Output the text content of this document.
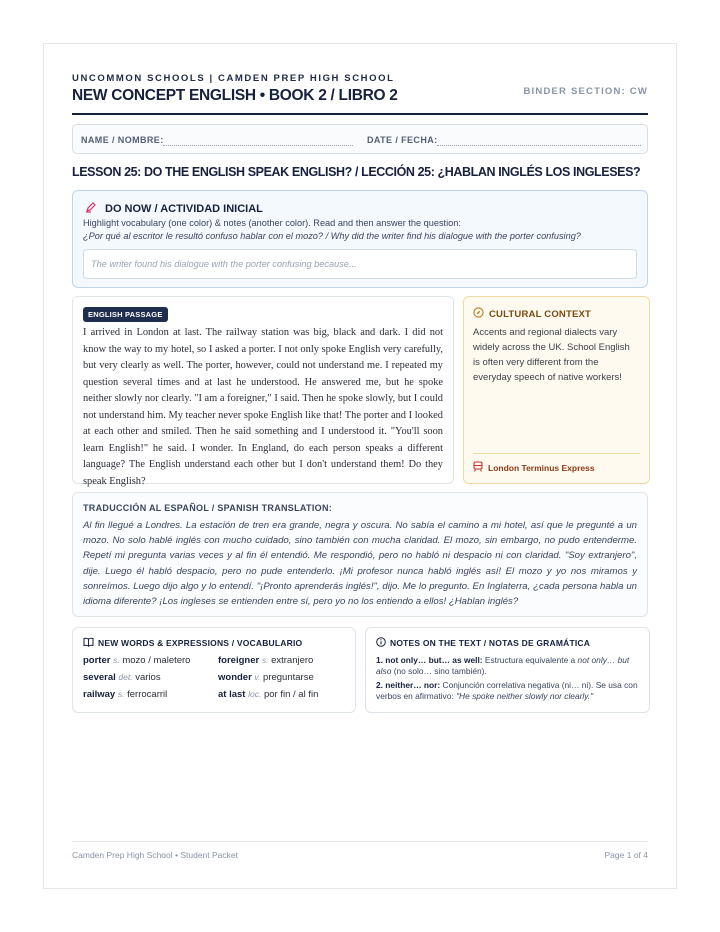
UNCOMMON SCHOOLS | CAMDEN PREP HIGH SCHOOL
NEW CONCEPT ENGLISH • BOOK 2 / LIBRO 2	BINDER SECTION: CW
NAME / NOMBRE:	DATE / FECHA:
LESSON 25: DO THE ENGLISH SPEAK ENGLISH? / LECCIÓN 25: ¿HABLAN INGLÉS LOS INGLESES?
DO NOW / ACTIVIDAD INICIAL
Highlight vocabulary (one color) & notes (another color). Read and then answer the question:
¿Por qué al escritor le resultó confuso hablar con el mozo? / Why did the writer find his dialogue with the porter confusing?
The writer found his dialogue with the porter confusing because...
ENGLISH PASSAGE
I arrived in London at last. The railway station was big, black and dark. I did not know the way to my hotel, so I asked a porter. I not only spoke English very carefully, but very clearly as well. The porter, however, could not understand me. I repeated my question several times and at last he understood. He answered me, but he spoke neither slowly nor clearly. "I am a foreigner," I said. Then he spoke slowly, but I could not understand him. My teacher never spoke English like that! The porter and I looked at each other and smiled. Then he said something and I understood it. "You'll soon learn English!" he said. I wonder. In England, do each person speaks a different language? The English understand each other but I don't understand them! Do they speak English?
CULTURAL CONTEXT
Accents and regional dialects vary widely across the UK. School English is often very different from the everyday speech of native workers!
London Terminus Express
TRADUCCIÓN AL ESPAÑOL / SPANISH TRANSLATION:
Al fin llegué a Londres. La estación de tren era grande, negra y oscura. No sabía el camino a mi hotel, así que le pregunté a un mozo. No solo hablé inglés con mucho cuidado, sino también con mucha claridad. El mozo, sin embargo, no pudo entenderme. Repetí mi pregunta varias veces y al fin él entendió. Me respondió, pero no habló ni despacio ni con claridad. "Soy extranjero", dije. Luego él habló despacio, pero no pude entenderlo. ¡Mi profesor nunca habló inglés así! El mozo y yo nos miramos y sonreímos. Luego dijo algo y lo entendí. "¡Pronto aprenderás inglés!", dijo. Me lo pregunto. En Inglaterra, ¿cada persona habla un idioma diferente? ¡Los ingleses se entienden entre sí, pero yo no los entiendo a ellos! ¿Hablan inglés?
NEW WORDS & EXPRESSIONS / VOCABULARIO
porter s. mozo / maletero	foreigner s. extranjero
several det. varios	wonder v. preguntarse
railway s. ferrocarril	at last loc. por fin / al fin
NOTES ON THE TEXT / NOTAS DE GRAMÁTICA
1. not only… but… as well: Estructura equivalente a not only… but also (no solo… sino también).
2. neither… nor: Conjunción correlativa negativa (ni… ni). Se usa con verbos en afirmativo: "He spoke neither slowly nor clearly."
Camden Prep High School • Student Packet	Page 1 of 4
